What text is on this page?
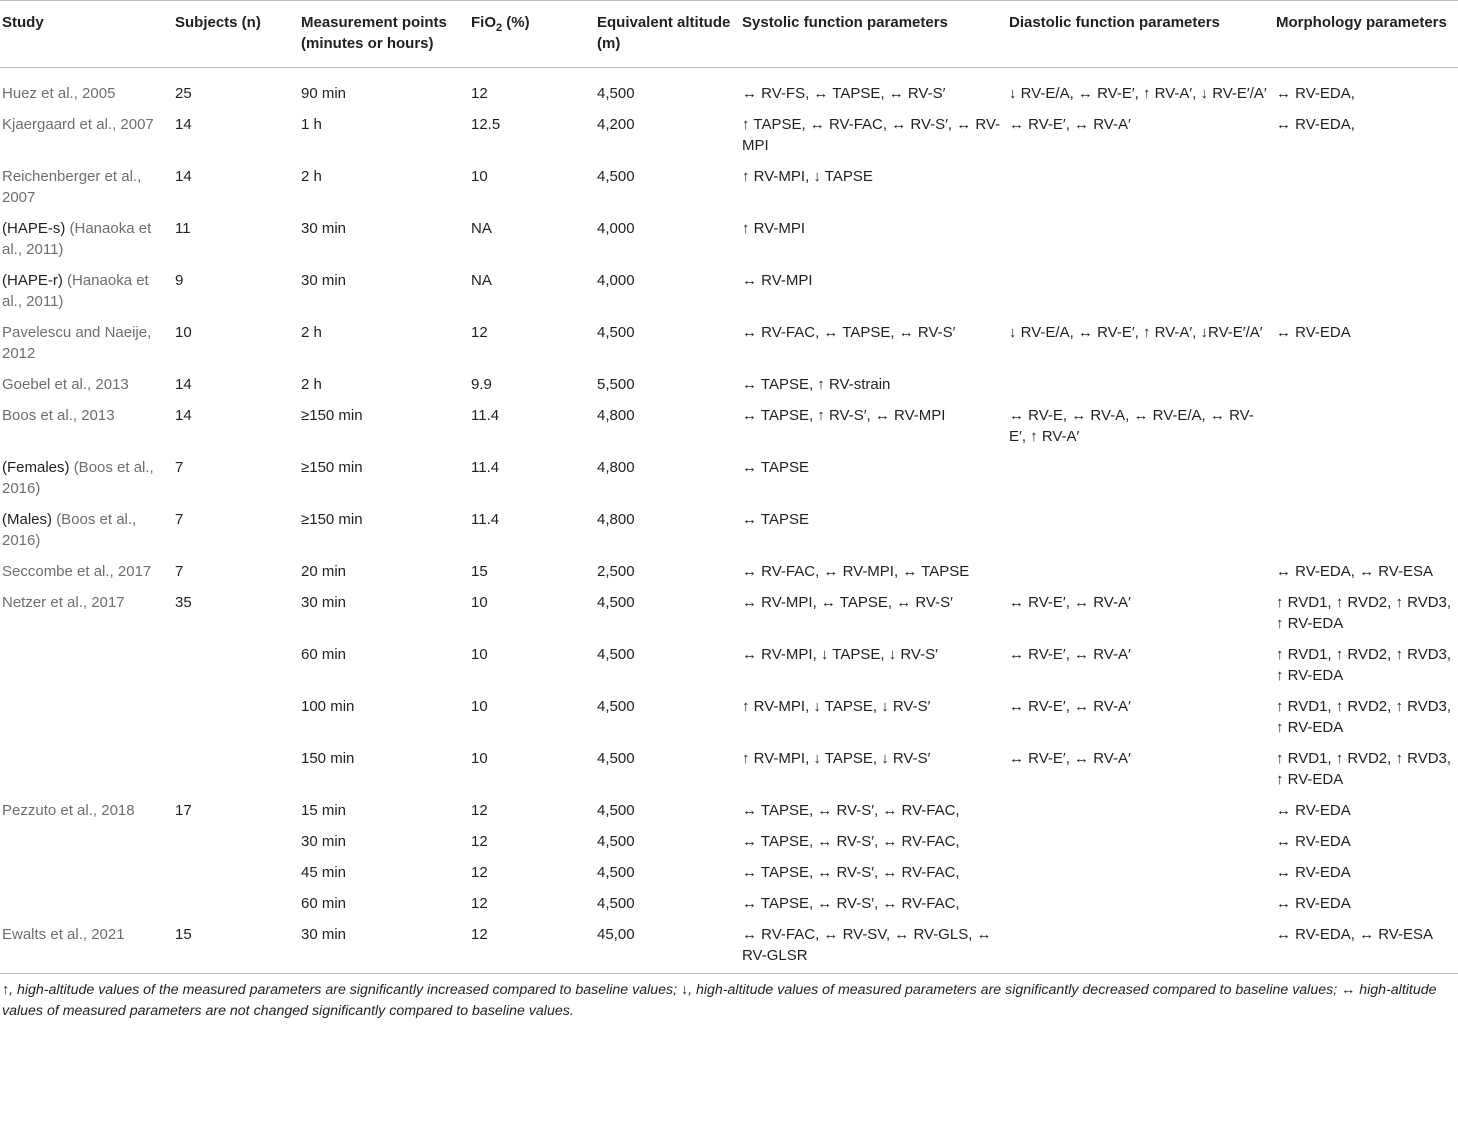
Study	Subjects (n)	Measurement points (minutes or hours)	FiO$_2$ (%)	Equivalent altitude (m)	Systolic function parameters	Diastolic function parameters	Morphology parameters
Huez et al., 2005	25	90 min	12	4,500	↔ RV-FS, ↔ TAPSE, ↔ RV-S′	↓ RV-E/A, ↔ RV-E′, ↑ RV-A′, ↓ RV-E′/A′	↔ RV-EDA,
Kjaergaard et al., 2007	14	1 h	12.5	4,200	↑ TAPSE, ↔ RV-FAC, ↔ RV-S′, ↔ RV-MPI	↔ RV-E′, ↔ RV-A′	↔ RV-EDA,
Reichenberger et al., 2007	14	2 h	10	4,500	↑ RV-MPI, ↓ TAPSE		
(HAPE-s) (Hanaoka et al., 2011)	11	30 min	NA	4,000	↑ RV-MPI		
(HAPE-r) (Hanaoka et al., 2011)	9	30 min	NA	4,000	↔ RV-MPI		
Pavelescu and Naeije, 2012	10	2 h	12	4,500	↔ RV-FAC, ↔ TAPSE, ↔ RV-S′	↓ RV-E/A, ↔ RV-E′, ↑ RV-A′, ↓RV-E′/A′	↔ RV-EDA
Goebel et al., 2013	14	2 h	9.9	5,500	↔ TAPSE, ↑ RV-strain		
Boos et al., 2013	14	≥150 min	11.4	4,800	↔ TAPSE, ↑ RV-S′, ↔ RV-MPI	↔ RV-E, ↔ RV-A, ↔ RV-E/A, ↔ RV-E′, ↑ RV-A′	
(Females) (Boos et al., 2016)	7	≥150 min	11.4	4,800	↔ TAPSE		
(Males) (Boos et al., 2016)	7	≥150 min	11.4	4,800	↔ TAPSE		
Seccombe et al., 2017	7	20 min	15	2,500	↔ RV-FAC, ↔ RV-MPI, ↔ TAPSE		↔ RV-EDA, ↔ RV-ESA
Netzer et al., 2017	35	30 min	10	4,500	↔ RV-MPI, ↔ TAPSE, ↔ RV-S′	↔ RV-E′, ↔ RV-A′	↑ RVD1, ↑ RVD2, ↑ RVD3, ↑ RV-EDA
		60 min	10	4,500	↔ RV-MPI, ↓ TAPSE, ↓ RV-S′	↔ RV-E′, ↔ RV-A′	↑ RVD1, ↑ RVD2, ↑ RVD3, ↑ RV-EDA
		100 min	10	4,500	↑ RV-MPI, ↓ TAPSE, ↓ RV-S′	↔ RV-E′, ↔ RV-A′	↑ RVD1, ↑ RVD2, ↑ RVD3, ↑ RV-EDA
		150 min	10	4,500	↑ RV-MPI, ↓ TAPSE, ↓ RV-S′	↔ RV-E′, ↔ RV-A′	↑ RVD1, ↑ RVD2, ↑ RVD3, ↑ RV-EDA
Pezzuto et al., 2018	17	15 min	12	4,500	↔ TAPSE, ↔ RV-S′, ↔ RV-FAC,		↔ RV-EDA
		30 min	12	4,500	↔ TAPSE, ↔ RV-S′, ↔ RV-FAC,		↔ RV-EDA
		45 min	12	4,500	↔ TAPSE, ↔ RV-S′, ↔ RV-FAC,		↔ RV-EDA
		60 min	12	4,500	↔ TAPSE, ↔ RV-S′, ↔ RV-FAC,		↔ RV-EDA
Ewalts et al., 2021	15	30 min	12	45,00	↔ RV-FAC, ↔ RV-SV, ↔ RV-GLS, ↔ RV-GLSR		↔ RV-EDA, ↔ RV-ESA
↑, high-altitude values of the measured parameters are significantly increased compared to baseline values; ↓, high-altitude values of measured parameters are significantly decreased compared to baseline values; ↔ high-altitude values of measured parameters are not changed significantly compared to baseline values.
